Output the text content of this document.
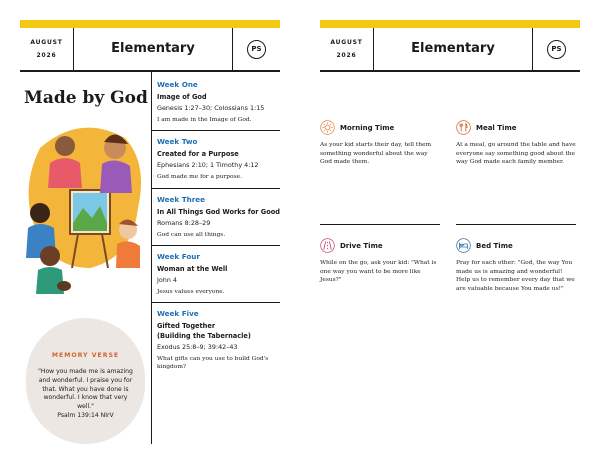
AUGUST
2026	Elementary	PS
Made by God
Week One
Image of God
Genesis 1:27–30; Colossians 1:15
I am made in the Image of God.
Week Two
Created for a Purpose
Ephesians 2:10; 1 Timothy 4:12
God made me for a purpose.
Week Three
In All Things God Works for Good
Romans 8:28–29
God can use all things.
Week Four
Woman at the Well
John 4
Jesus values everyone.
Week Five
Gifted Together
(Building the Tabernacle)
Exodus 25:8–9; 39:42–43
What gifts can you use to build God's kingdom?
MEMORY VERSE
"How you made me is amazing and wonderful. I praise you for that. What you have done is wonderful. I know that very well."
Psalm 139:14 NIrV
AUGUST
2026	Elementary	PS
Morning Time
As your kid starts their day, tell them something wonderful about the way God made them.
Meal Time
At a meal, go around the table and have everyone say something good about the way God made each family member.
Drive Time
While on the go, ask your kid: "What is one way you want to be more like Jesus?"
Bed Time
Pray for each other: "God, the way You made us is amazing and wonderful! Help us to remember every day that we are valuable because You made us!"
